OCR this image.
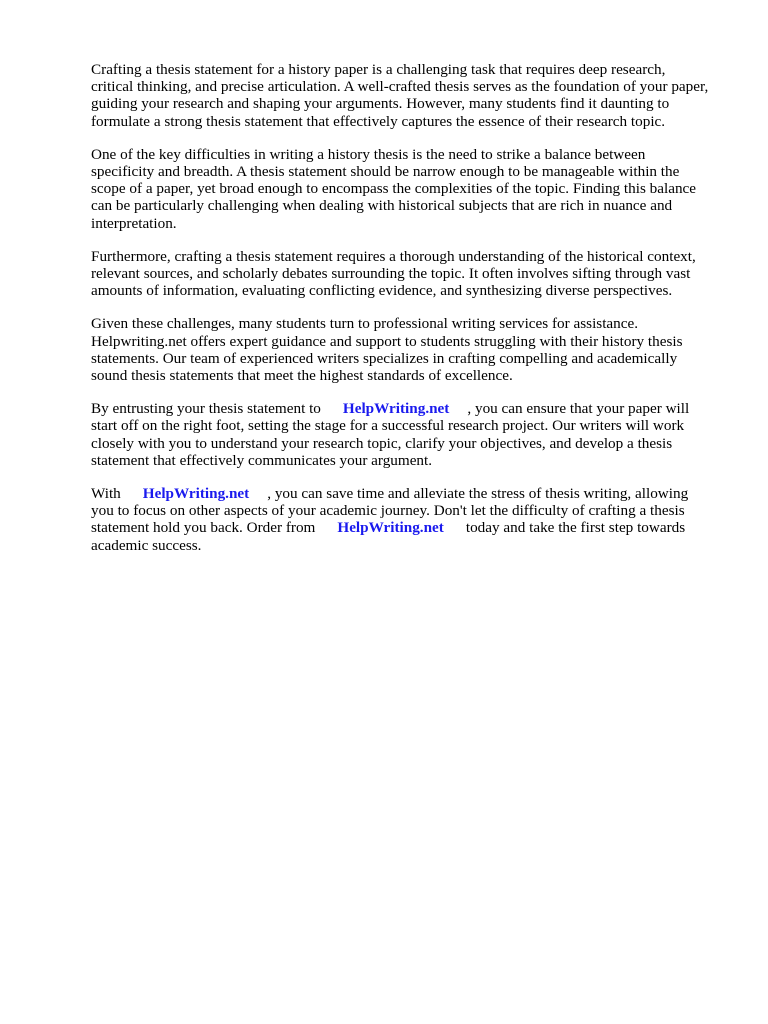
Crafting a thesis statement for a history paper is a challenging task that requires deep research,
critical thinking, and precise articulation. A well-crafted thesis serves as the foundation of your paper,
guiding your research and shaping your arguments. However, many students find it daunting to
formulate a strong thesis statement that effectively captures the essence of their research topic.

One of the key difficulties in writing a history thesis is the need to strike a balance between
specificity and breadth. A thesis statement should be narrow enough to be manageable within the
scope of a paper, yet broad enough to encompass the complexities of the topic. Finding this balance
can be particularly challenging when dealing with historical subjects that are rich in nuance and
interpretation.

Furthermore, crafting a thesis statement requires a thorough understanding of the historical context,
relevant sources, and scholarly debates surrounding the topic. It often involves sifting through vast
amounts of information, evaluating conflicting evidence, and synthesizing diverse perspectives.

Given these challenges, many students turn to professional writing services for assistance.
Helpwriting.net offers expert guidance and support to students struggling with their history thesis
statements. Our team of experienced writers specializes in crafting compelling and academically
sound thesis statements that meet the highest standards of excellence.

By entrusting your thesis statement to HelpWriting.net , you can ensure that your paper will
start off on the right foot, setting the stage for a successful research project. Our writers will work
closely with you to understand your research topic, clarify your objectives, and develop a thesis
statement that effectively communicates your argument.

With HelpWriting.net , you can save time and alleviate the stress of thesis writing, allowing
you to focus on other aspects of your academic journey. Don't let the difficulty of crafting a thesis
statement hold you back. Order from HelpWriting.net today and take the first step towards
academic success.
